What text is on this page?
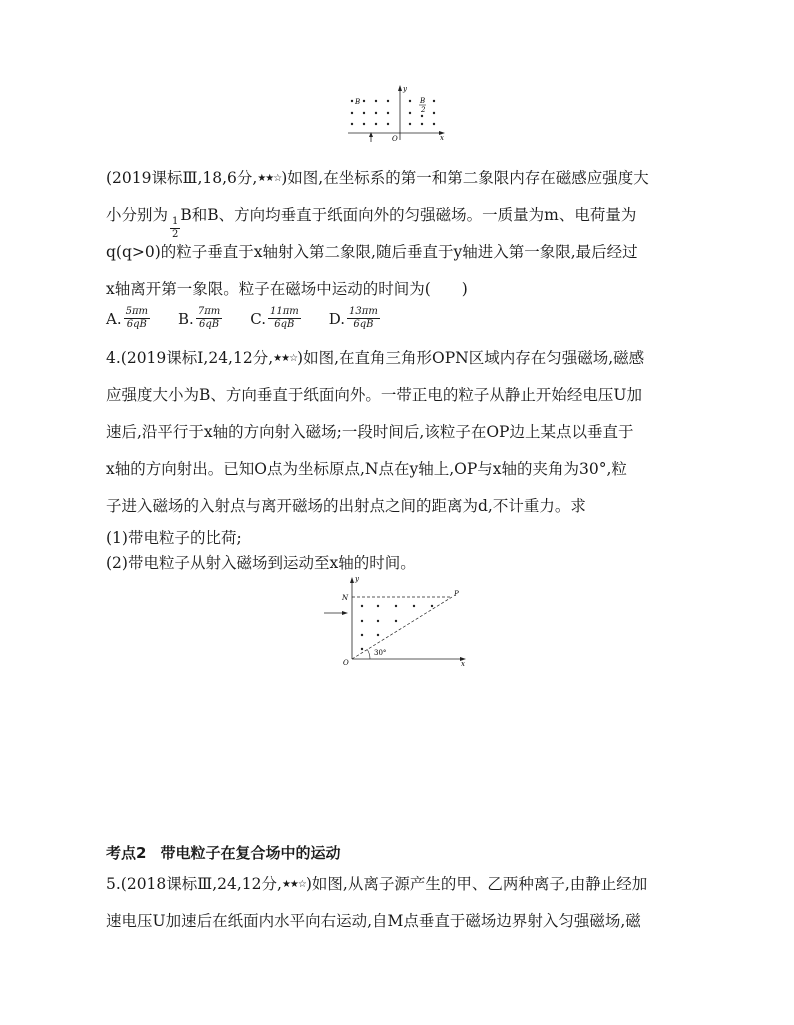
y
x
O
B	B
2
(2019课标Ⅲ,18,6分,★★☆)如图,在坐标系的第一和第二象限内存在磁感应强度大
小分别为
$\frac{1}{2}$
B和B、方向均垂直于纸面向外的匀强磁场。一质量为m、电荷量为
q(q>0)的粒子垂直于x轴射入第二象限,随后垂直于y轴进入第一象限,最后经过
x轴离开第一象限。粒子在磁场中运动的时间为(　　)
A. $\frac{5\pi m}{6qB} B$. $\frac{7\pi m}{6qB} C$. $\frac{11\pi m}{6qB} D$. $\frac{13\pi m}{6qB}$
4.(2019课标Ⅰ,24,12分,★★☆)如图,在直角三角形OPN区域内存在匀强磁场,磁感
应强度大小为B、方向垂直于纸面向外。一带正电的粒子从静止开始经电压U加
速后,沿平行于x轴的方向射入磁场;一段时间后,该粒子在OP边上某点以垂直于
x轴的方向射出。已知O点为坐标原点,N点在y轴上,OP与x轴的夹角为30°,粒
子进入磁场的入射点与离开磁场的出射点之间的距离为d,不计重力。求
(1)带电粒子的比荷;
(2)带电粒子从射入磁场到运动至x轴的时间。
30°
y
N	P
O	x
考点2 带电粒子在复合场中的运动
5.(2018课标Ⅲ,24,12分,★★☆)如图,从离子源产生的甲、乙两种离子,由静止经加
速电压U加速后在纸面内水平向右运动,自M点垂直于磁场边界射入匀强磁场,磁
